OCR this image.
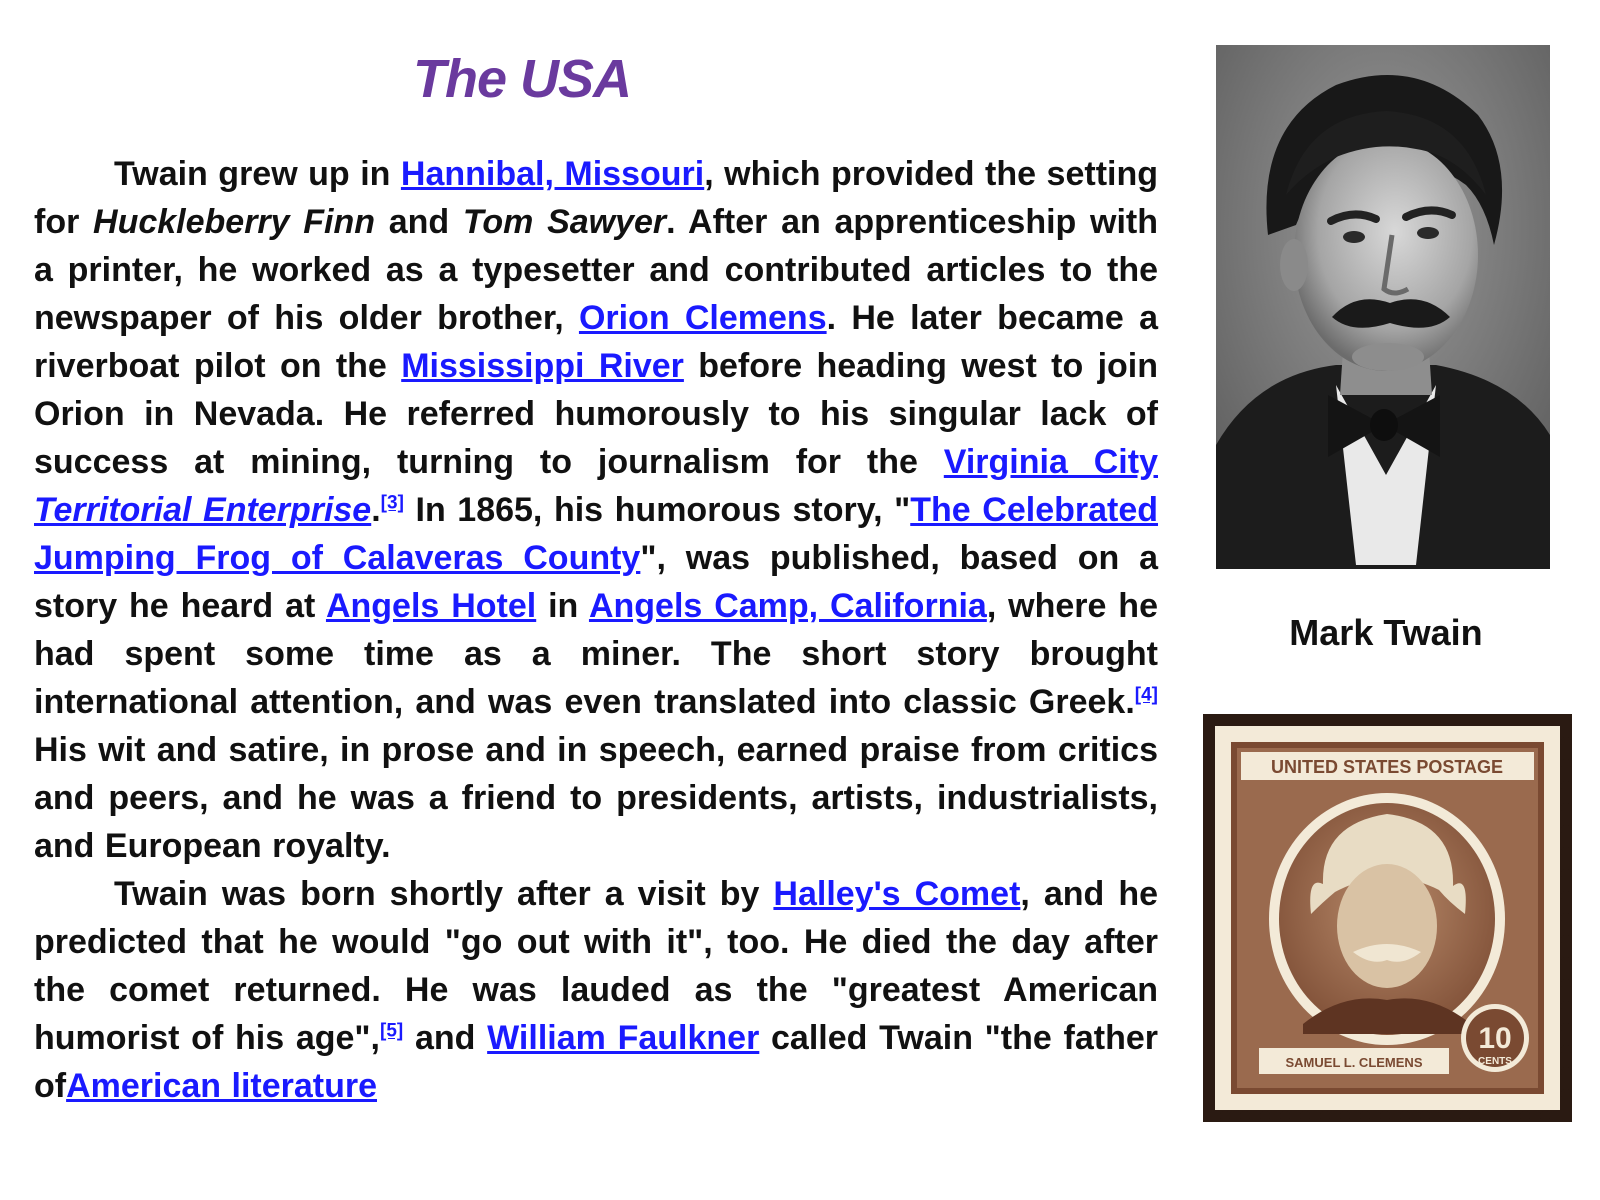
The USA

Twain grew up in Hannibal, Missouri, which provided the setting for Huckleberry Finn and Tom Sawyer. After an apprenticeship with a printer, he worked as a typesetter and contributed articles to the newspaper of his older brother, Orion Clemens. He later became a riverboat pilot on the Mississippi River before heading west to join Orion in Nevada. He referred humorously to his singular lack of success at mining, turning to journalism for the Virginia City Territorial Enterprise.[3] In 1865, his humorous story, "The Celebrated Jumping Frog of Calaveras County", was published, based on a story he heard at Angels Hotel in Angels Camp, California, where he had spent some time as a miner. The short story brought international attention, and was even translated into classic Greek.[4] His wit and satire, in prose and in speech, earned praise from critics and peers, and he was a friend to presidents, artists, industrialists, and European royalty.

Twain was born shortly after a visit by Halley's Comet, and he predicted that he would "go out with it", too. He died the day after the comet returned. He was lauded as the "greatest American humorist of his age",[5] and William Faulkner called Twain "the father ofAmerican literature

Mark Twain

UNITED STATES POSTAGE
SAMUEL L. CLEMENS
10
CENTS
